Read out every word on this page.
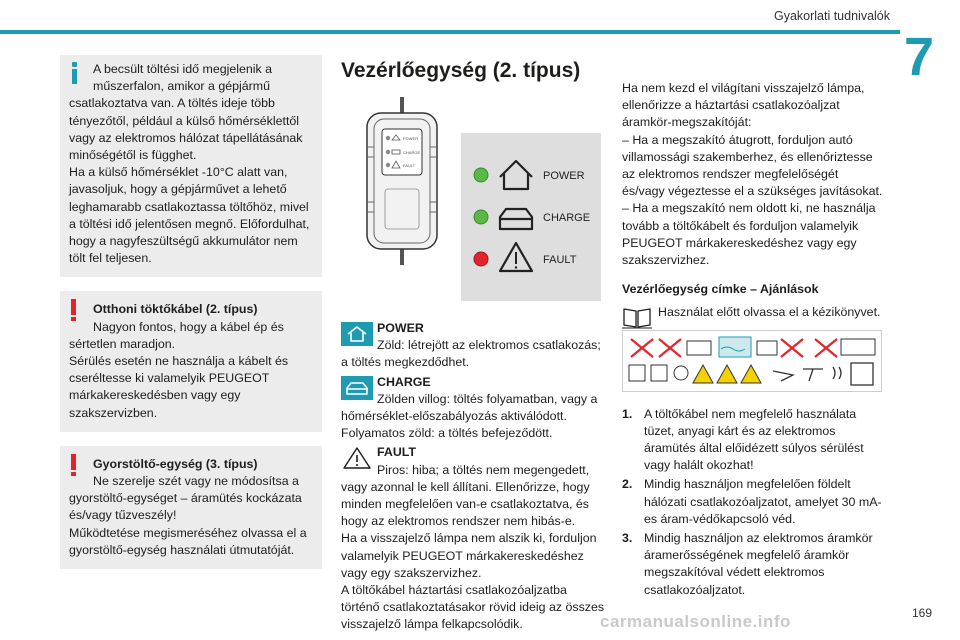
Gyakorlati tudnivalók
7

A becsült töltési idő megjelenik a

műszerfalon, amikor a gépjármű

csatlakoztatva van. A töltés ideje több tényezőtől, például a külső hőmérséklettől vagy az elektromos hálózat tápellátásának minőségétől is függhet.

Ha a külső hőmérséklet -10°C alatt van, javasoljuk, hogy a gépjárművet a lehető leghamarabb csatlakoztassa töltőhöz, mivel a töltési idő jelentősen megnő. Előfordulhat, hogy a nagyfeszültségű akkumulátor nem tölt fel teljesen.

Otthoni töktőkábel (2. típus)

Nagyon fontos, hogy a kábel ép és

sértetlen maradjon.

Sérülés esetén ne használja a kábelt és cseréltesse ki valamelyik PEUGEOT márkakereskedésben vagy egy szakszervizben.

Gyorstöltő-egység (3. típus)

Ne szerelje szét vagy ne módosítsa a

gyorstöltő-egységet – áramütés kockázata és/vagy tűzveszély!

Működtetése megismeréséhez olvassa el a gyorstöltő-egység használati útmutatóját.

Vezérlőegység (2. típus)
POWER
CHARGE
FAULT
POWER
CHARGE
FAULT

POWER

Zöld: létrejött az elektromos csatlakozás;

a töltés megkezdődhet.

CHARGE

Zölden villog: töltés folyamatban, vagy a

hőmérséklet-előszabályozás aktiválódott.

Folyamatos zöld: a töltés befejeződött.

FAULT

Piros: hiba; a töltés nem megengedett,

vagy azonnal le kell állítani. Ellenőrizze, hogy minden megfelelően van-e csatlakoztatva, és hogy az elektromos rendszer nem hibás-e.

Ha a visszajelző lámpa nem alszik ki, forduljon valamelyik PEUGEOT márkakereskedéshez vagy egy szakszervizhez.

A töltőkábel háztartási csatlakozóaljzatba történő csatlakoztatásakor rövid ideig az összes visszajelző lámpa felkapcsolódik.

Ha nem kezd el világítani visszajelző lámpa, ellenőrizze a háztartási csatlakozóaljzat áramkör-megszakítóját:

– Ha a megszakító átugrott, forduljon autó villamossági szakemberhez, és ellenőriztesse az elektromos rendszer megfelelőségét és/vagy végeztesse el a szükséges javításokat.

– Ha a megszakító nem oldott ki, ne használja tovább a töltőkábelt és forduljon valamelyik PEUGEOT márkakereskedéshez vagy egy szakszervizhez.

Vezérlőegység címke – Ajánlások

Használat előtt olvassa el a kézikönyvet.

1. A töltőkábel nem megfelelő használata tüzet, anyagi kárt és az elektromos áramütés által előidézett súlyos sérülést vagy halált okozhat!
2. Mindig használjon megfelelően földelt hálózati csatlakozóaljzatot, amelyet 30 mA-es áram-védőkapcsoló véd.
3. Mindig használjon az elektromos áramkör áramerősségének megfelelő áramkör megszakítóval védett elektromos csatlakozóaljzatot.
carmanualsonline.info	169
